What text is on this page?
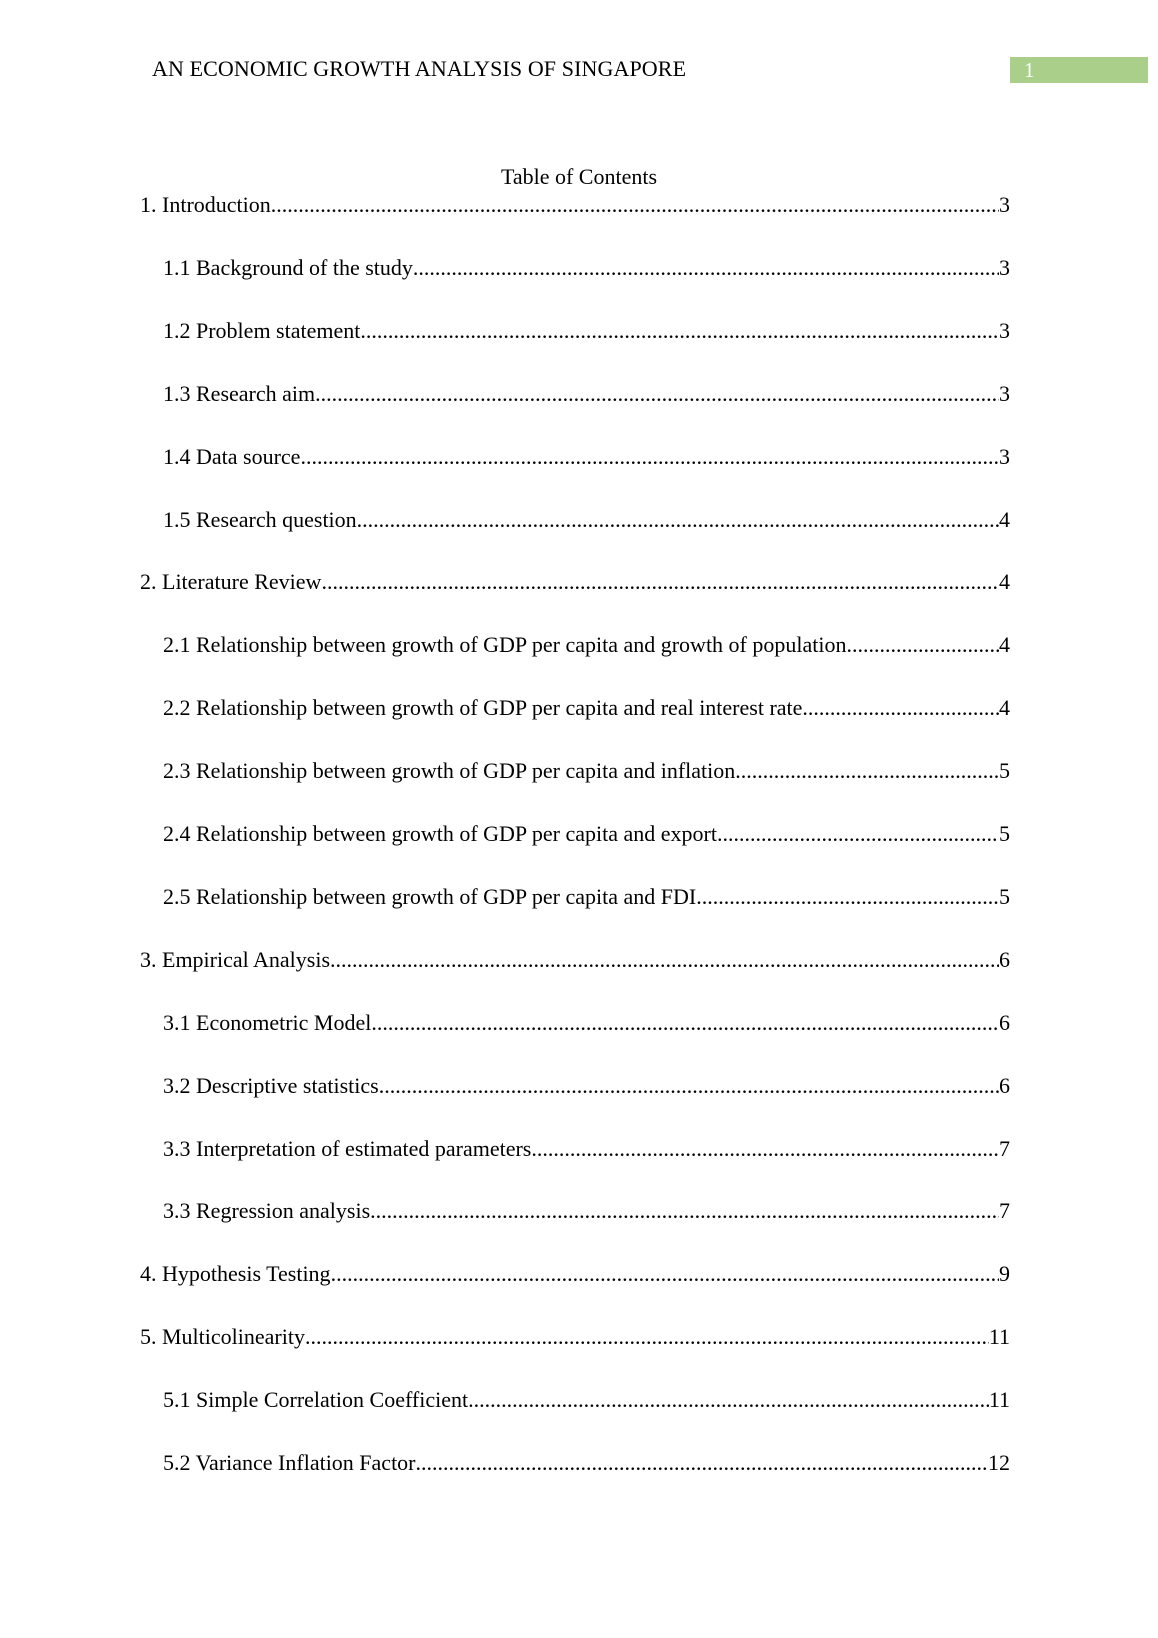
AN ECONOMIC GROWTH ANALYSIS OF SINGAPORE	1
Table of Contents
1. Introduction .....	3
1.1 Background of the study .....	3
1.2 Problem statement .....	3
1.3 Research aim .....	3
1.4 Data source .....	3
1.5 Research question .....	4
2. Literature Review .....	4
2.1 Relationship between growth of GDP per capita and growth of population .....	4
2.2 Relationship between growth of GDP per capita and real interest rate .....	4
2.3 Relationship between growth of GDP per capita and inflation .....	5
2.4 Relationship between growth of GDP per capita and export .....	5
2.5 Relationship between growth of GDP per capita and FDI .....	5
3. Empirical Analysis .....	6
3.1 Econometric Model .....	6
3.2 Descriptive statistics .....	6
3.3 Interpretation of estimated parameters .....	7
3.3 Regression analysis .....	7
4. Hypothesis Testing .....	9
5. Multicolinearity .....	11
5.1 Simple Correlation Coefficient .....	11
5.2 Variance Inflation Factor .....	12
